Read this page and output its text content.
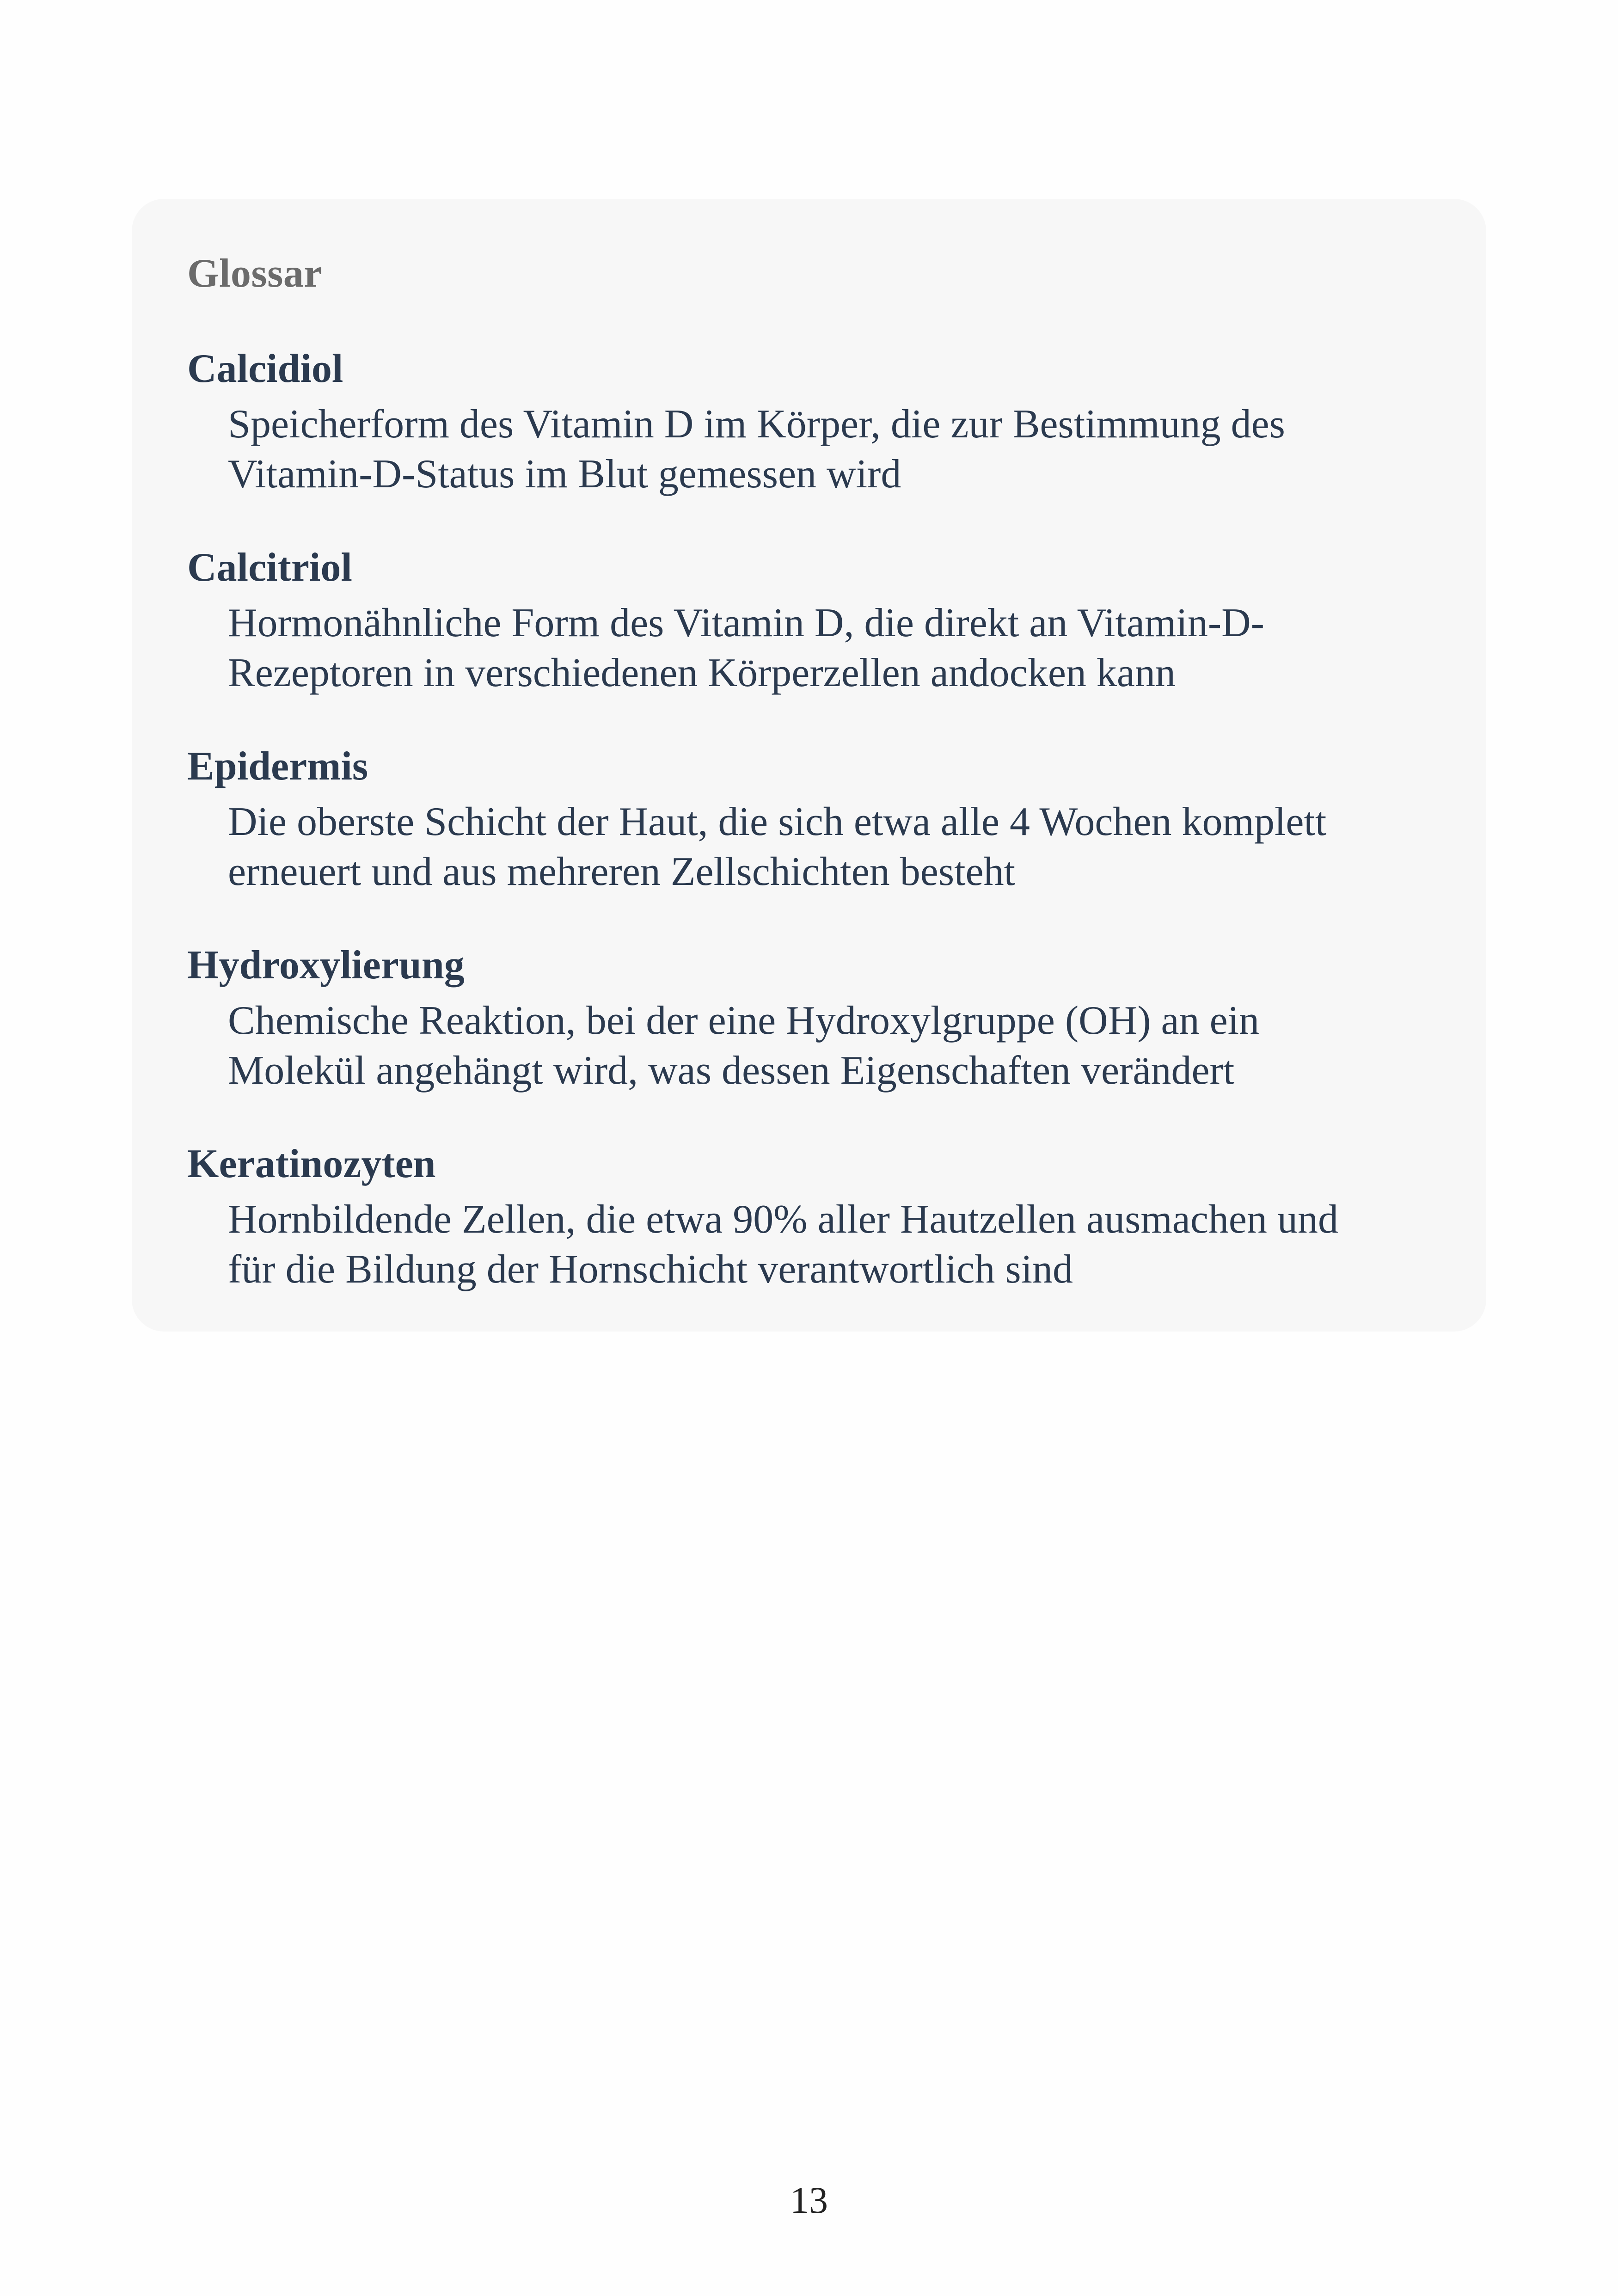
Glossar
Calcidiol
Speicherform des Vitamin D im Körper, die zur Bestimmung des
Vitamin-D-Status im Blut gemessen wird
Calcitriol
Hormonähnliche Form des Vitamin D, die direkt an Vitamin-D-
Rezeptoren in verschiedenen Körperzellen andocken kann
Epidermis
Die oberste Schicht der Haut, die sich etwa alle 4 Wochen komplett
erneuert und aus mehreren Zellschichten besteht
Hydroxylierung
Chemische Reaktion, bei der eine Hydroxylgruppe (OH) an ein
Molekül angehängt wird, was dessen Eigenschaften verändert
Keratinozyten
Hornbildende Zellen, die etwa 90% aller Hautzellen ausmachen und
für die Bildung der Hornschicht verantwortlich sind
13
